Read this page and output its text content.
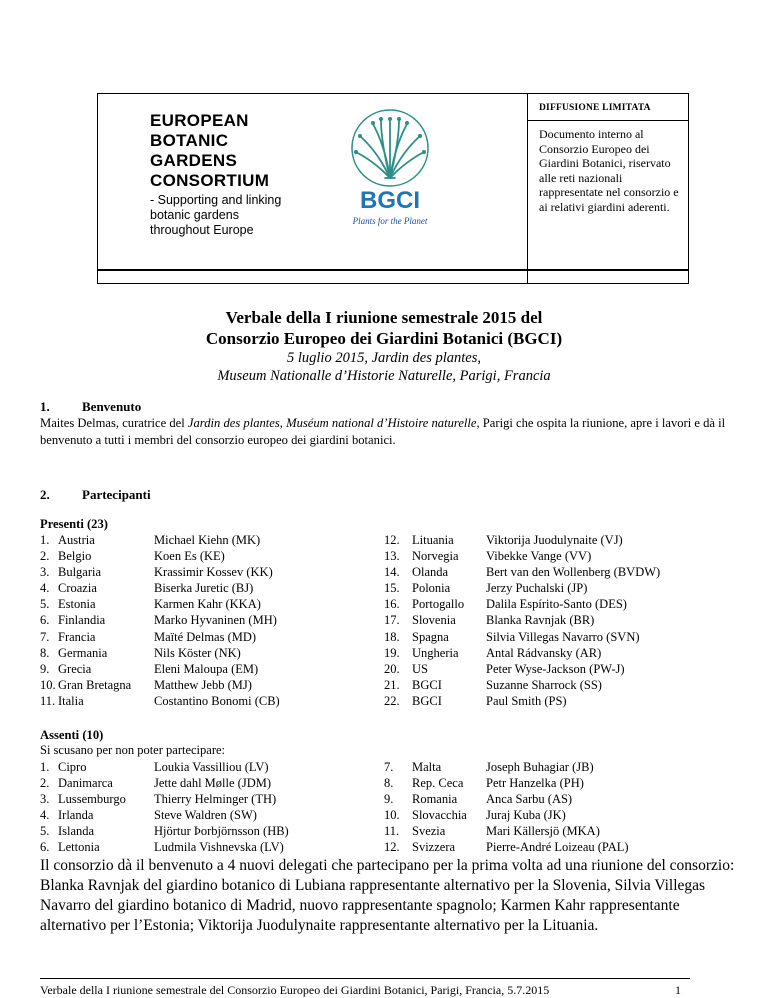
EUROPEAN
BOTANIC
GARDENS
CONSORTIUM
- Supporting and linking botanic gardens throughout Europe
BGCI
Plants for the Planet
DIFFUSIONE LIMITATA
Documento interno al Consorzio Europeo dei Giardini Botanici, riservato alle reti nazionali rappresentate nel consorzio e ai relativi giardini aderenti.
Verbale della I riunione semestrale 2015 del
Consorzio Europeo dei Giardini Botanici (BGCI)
5 luglio 2015, Jardin des plantes,
Museum Nationalle d’Historie Naturelle, Parigi, Francia
1. Benvenuto
Maites Delmas, curatrice del Jardin des plantes, Muséum national d’Histoire naturelle, Parigi che ospita la riunione, apre i lavori e dà il benvenuto a tutti i membri del consorzio europeo dei giardini botanici.
2. Partecipanti
Presenti (23)
1. Austria	Michael Kiehn (MK)
2. Belgio	Koen Es (KE)
3. Bulgaria	Krassimir Kossev (KK)
4. Croazia	Biserka Juretic (BJ)
5. Estonia	Karmen Kahr (KKA)
6. Finlandia	Marko Hyvaninen (MH)
7. Francia	Maïté Delmas (MD)
8. Germania	Nils Köster (NK)
9. Grecia	Eleni Maloupa (EM)
10. Gran Bretagna	Matthew Jebb (MJ)
11. Italia	Costantino Bonomi (CB)
12. Lituania	Viktorija Juodulynaite (VJ)
13. Norvegia	Vibekke Vange (VV)
14. Olanda	Bert van den Wollenberg (BVDW)
15. Polonia	Jerzy Puchalski (JP)
16. Portogallo	Dalila Espírito-Santo (DES)
17. Slovenia	Blanka Ravnjak (BR)
18. Spagna	Silvia Villegas Navarro (SVN)
19. Ungheria	Antal Rádvansky (AR)
20. US	Peter Wyse-Jackson (PW-J)
21. BGCI	Suzanne Sharrock (SS)
22. BGCI	Paul Smith (PS)
Assenti (10)
Si scusano per non poter partecipare:
1. Cipro	Loukia Vassilliou (LV)
2. Danimarca	Jette dahl Mølle (JDM)
3. Lussemburgo	Thierry Helminger (TH)
4. Irlanda	Steve Waldren (SW)
5. Islanda	Hjörtur Þorbjörnsson (HB)
6. Lettonia	Ludmila Vishnevska (LV)
7.	Malta	Joseph Buhagiar (JB)
8.	Rep. Ceca	Petr Hanzelka (PH)
9.	Romania	Anca Sarbu (AS)
10. Slovacchia	Juraj Kuba (JK)
11.	Svezia	Mari Källersjö (MKA)
12. Svizzera	Pierre-André Loizeau (PAL)
Il consorzio dà il benvenuto a 4 nuovi delegati che partecipano per la prima volta ad una riunione del consorzio: Blanka Ravnjak del giardino botanico di Lubiana rappresentante alternativo per la Slovenia, Silvia Villegas Navarro del giardino botanico di Madrid, nuovo rappresentante spagnolo; Karmen Kahr rappresentante alternativo per l’Estonia; Viktorija Juodulynaite rappresentante alternativo per la Lituania.
Verbale della I riunione semestrale del Consorzio Europeo dei Giardini Botanici, Parigi, Francia, 5.7.2015	1
